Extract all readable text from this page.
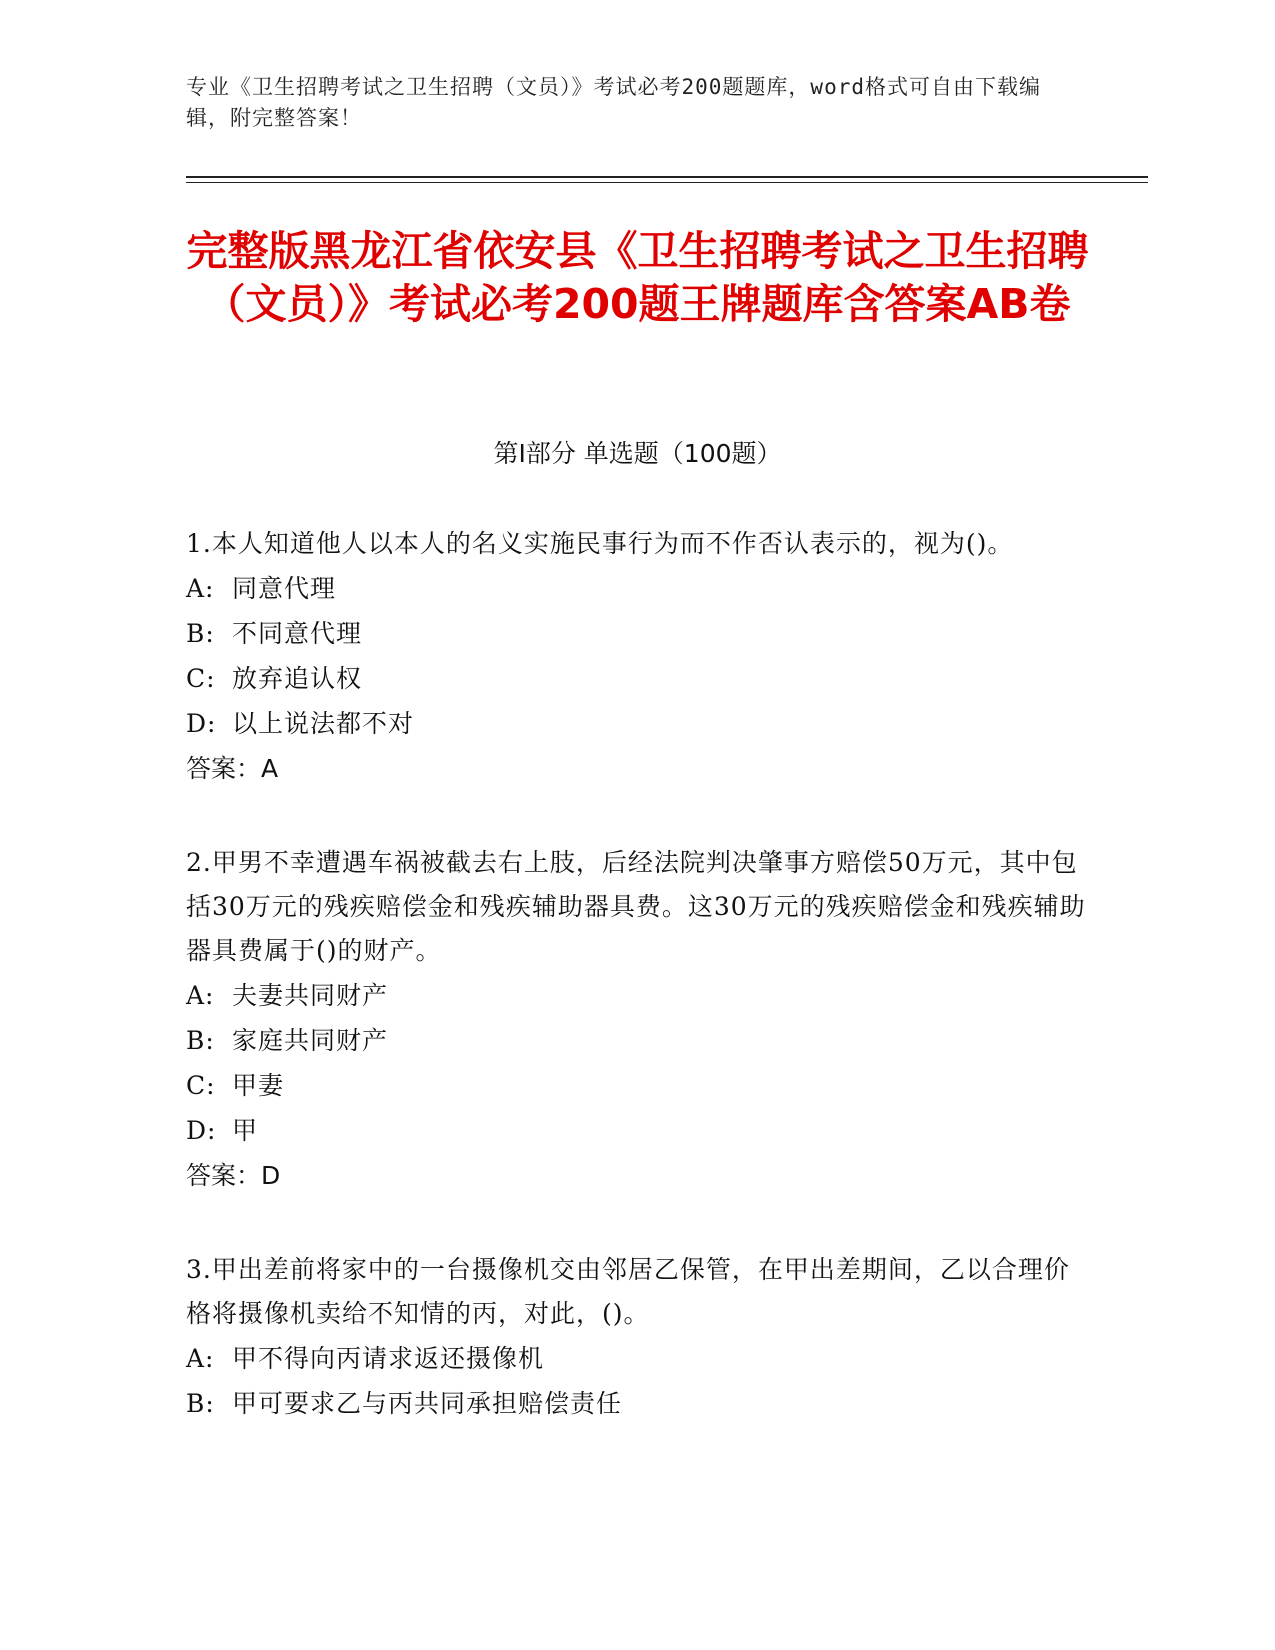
专业《卫生招聘考试之卫生招聘（文员）》考试必考200题题库，word格式可自由下载编辑，附完整答案！
完整版黑龙江省依安县《卫生招聘考试之卫生招聘（文员）》考试必考200题王牌题库含答案AB卷
第I部分 单选题（100题）
1.本人知道他人以本人的名义实施民事行为而不作否认表示的，视为()。
A: 同意代理
B: 不同意代理
C: 放弃追认权
D: 以上说法都不对
答案：A
2.甲男不幸遭遇车祸被截去右上肢，后经法院判决肇事方赔偿50万元，其中包括30万元的残疾赔偿金和残疾辅助器具费。这30万元的残疾赔偿金和残疾辅助器具费属于()的财产。
A: 夫妻共同财产
B: 家庭共同财产
C: 甲妻
D: 甲
答案：D
3.甲出差前将家中的一台摄像机交由邻居乙保管，在甲出差期间，乙以合理价格将摄像机卖给不知情的丙，对此，()。
A: 甲不得向丙请求返还摄像机
B: 甲可要求乙与丙共同承担赔偿责任
